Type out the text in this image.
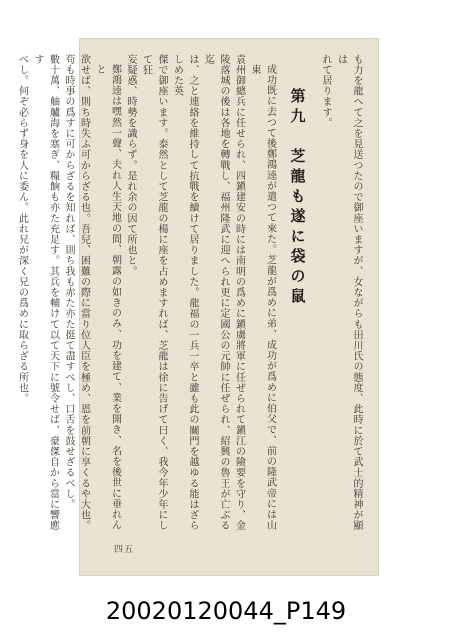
も力を龍へて之を見送つたので御座いますが、女ながらも田川氏の態度、此時に於て武士的精神が顯は
れて居ります。
第九　芝龍も遂に袋の鼠
成功既に去つて後鄭鴻逵が遣つて來た。芝龍が爲めに弟、成功が爲めに伯父で、前の隆武帝には山東
袁州御總兵に任せられ、四鎭建安の時には南明の爲めに鎭虜將軍に任ぜられて鎭江の險要を守り、金
陵落城の後は各地を轉戰し、福州隆武に迎へられ更に定國公の元帥に任ぜられ、紹興の魯王が亡ぶる迄
は、之と連絡を維持して抗戰を續けて居りました。龍福の一兵一卒と雖も此の關門を越ゆる能はざらしめた英
傑で御座います。泰然として芝龍の楊に座を占めますれば、芝龍は徐に告げて曰く、我今年少年にして狂
妄疑惑、時勢を識らず。是れ余の因て所也と。
鄭鴻逵は嘿然一聲、夫れ人生天地の間、朝露の如きのみ、功を建て、業を開き、名を後世に垂れんと
欲せば、則ち時失ふ可からざる也。吾兒、困難の際に當り位人臣を極め、恩を前朝に享くるや大也。
苟も時事の爲すに可からざるを知れば、則ち我も赤た亦た挺て盡すべし、口舌を鼓せざるべし。
數十萬、舳艫海を塞ぎ、糧餉も亦た充足す。其兵を輔けて以て天下に號令せば、豪傑自から當に響應す
べし。何ぞ必らず身を人に委ん。此れ兄が深く兄の爲めに取らざる所也。
四五
20020120044_P149
